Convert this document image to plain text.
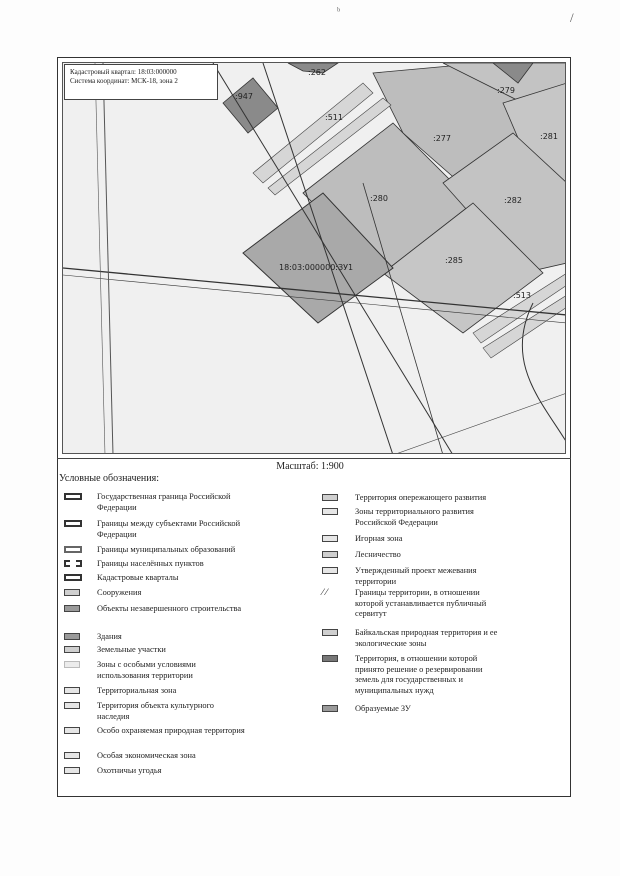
ᵇ	/
:262
:947
:511
:279
:277	:281
:280	:282
18:03:000000:ЗУ1
:285
:513
Кадастровый квартал: 18:03:000000
Система координат: МСК-18, зона 2
Масштаб: 1:900
Условные обозначения:
Государственная граница Российской Федерации
Границы между субъектами Российской Федерации
Границы муниципальных образований
Границы населённых пунктов
Кадастровые кварталы
Сооружения
Объекты незавершенного строительства
Здания
Земельные участки
Зоны с особыми условиями использования территории
Территориальная зона
Территория объекта культурного наследия
Особо охраняемая природная территория
Особая экономическая зона
Охотничьи угодья
Территория опережающего развития
Зоны территориального развития Российской Федерации
Игорная зона
Лесничество
Утвержденный проект межевания территории
⁄ ⁄	Границы территории, в отношении которой устанавливается публичный сервитут
Байкальская природная территория и ее экологические зоны
Территория, в отношении которой принято решение о резервировании земель для государственных и муниципальных нужд
Образуемые ЗУ
